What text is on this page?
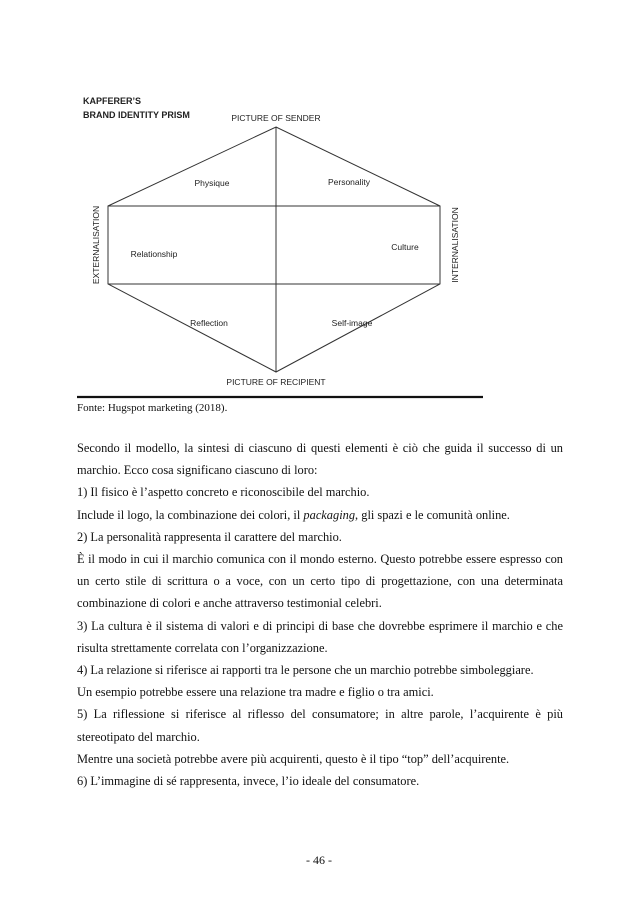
KAPFERER’S
BRAND IDENTITY PRISM	PICTURE OF SENDER
PICTURE OF RECIPIENT
EXTERNALISATION	INTERNALISATION
Physique	Personality
Relationship
Culture
Reflection	Self-image
Fonte: Hugspot marketing (2018).

Secondo il modello, la sintesi di ciascuno di questi elementi è ciò che guida il successo di un marchio. Ecco cosa significano ciascuno di loro:

1) Il fisico è l’aspetto concreto e riconoscibile del marchio.

Include il logo, la combinazione dei colori, il packaging, gli spazi e le comunità online.

2) La personalità rappresenta il carattere del marchio.

È il modo in cui il marchio comunica con il mondo esterno. Questo potrebbe essere espresso con un certo stile di scrittura o a voce, con un certo tipo di progettazione, con una determinata combinazione di colori e anche attraverso testimonial celebri.

3) La cultura è il sistema di valori e di principi di base che dovrebbe esprimere il marchio e che risulta strettamente correlata con l’organizzazione.

4) La relazione si riferisce ai rapporti tra le persone che un marchio potrebbe simboleggiare.

Un esempio potrebbe essere una relazione tra madre e figlio o tra amici.

5) La riflessione si riferisce al riflesso del consumatore; in altre parole, l’acquirente è più stereotipato del marchio.

Mentre una società potrebbe avere più acquirenti, questo è il tipo “top” dell’acquirente.

6) L’immagine di sé rappresenta, invece, l’io ideale del consumatore.

- 46 -
